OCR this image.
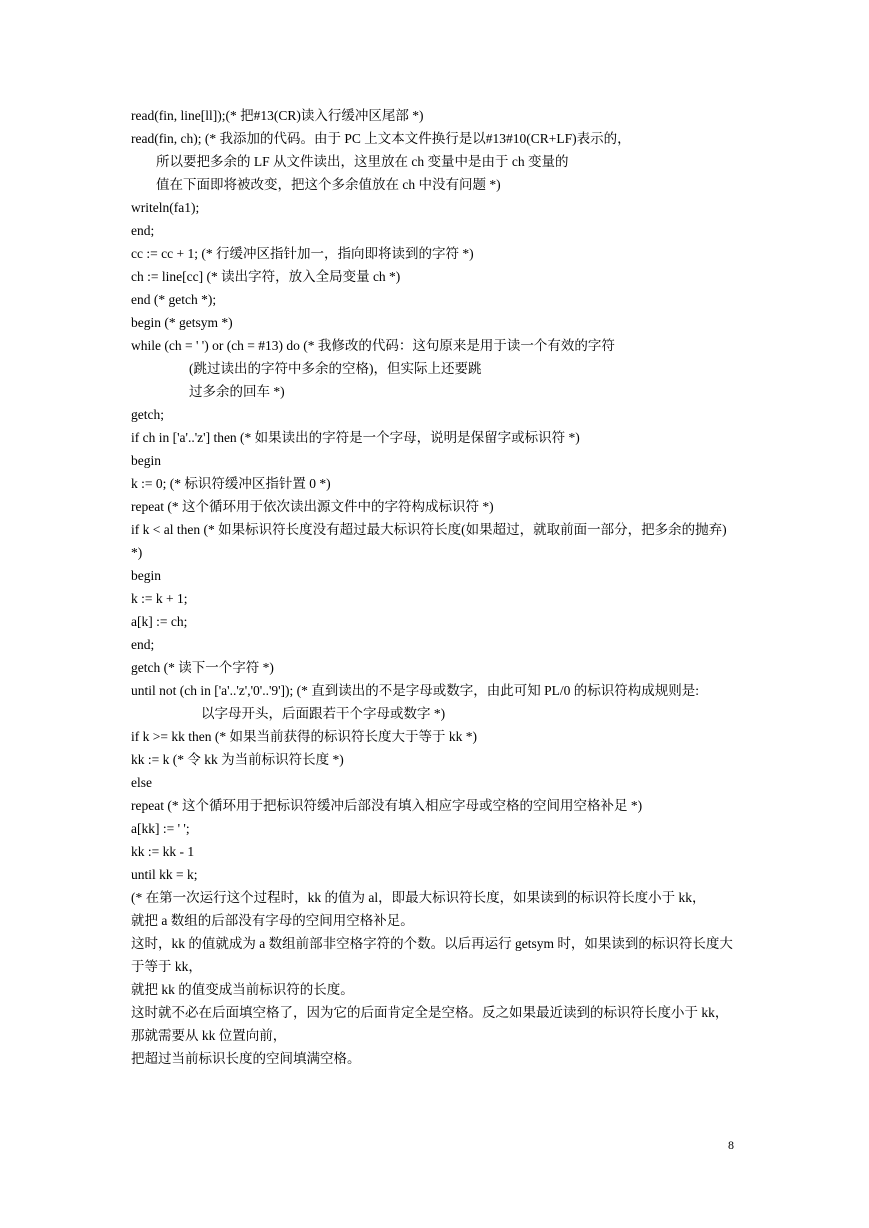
read(fin, line[ll]);(* 把#13(CR)读入行缓冲区尾部 *)
read(fin, ch); (* 我添加的代码。由于 PC 上文本文件换行是以#13#10(CR+LF)表示的，
所以要把多余的 LF 从文件读出，这里放在 ch 变量中是由于 ch 变量的
值在下面即将被改变，把这个多余值放在 ch 中没有问题 *)
writeln(fa1);
end;
cc := cc + 1; (* 行缓冲区指针加一，指向即将读到的字符 *)
ch := line[cc] (* 读出字符，放入全局变量 ch *)
end (* getch *);
begin (* getsym *)
while (ch = ' ') or (ch = #13) do (* 我修改的代码：这句原来是用于读一个有效的字符
(跳过读出的字符中多余的空格)，但实际上还要跳
过多余的回车 *)
getch;
if ch in ['a'..'z'] then (* 如果读出的字符是一个字母，说明是保留字或标识符 *)
begin
k := 0; (* 标识符缓冲区指针置 0 *)
repeat (* 这个循环用于依次读出源文件中的字符构成标识符 *)
if k < al then (* 如果标识符长度没有超过最大标识符长度(如果超过，就取前面一部分，把多余的抛弃) *)
begin
k := k + 1;
a[k] := ch;
end;
getch (* 读下一个字符 *)
until not (ch in ['a'..'z','0'..'9']); (* 直到读出的不是字母或数字，由此可知 PL/0 的标识符构成规则是:
以字母开头，后面跟若干个字母或数字 *)
if k >= kk then (* 如果当前获得的标识符长度大于等于 kk *)
kk := k (* 令 kk 为当前标识符长度 *)
else
repeat (* 这个循环用于把标识符缓冲后部没有填入相应字母或空格的空间用空格补足 *)
a[kk] := ' ';
kk := kk - 1
until kk = k;
(* 在第一次运行这个过程时，kk 的值为 al，即最大标识符长度，如果读到的标识符长度小于 kk，
就把 a 数组的后部没有字母的空间用空格补足。
这时，kk 的值就成为 a 数组前部非空格字符的个数。以后再运行 getsym 时，如果读到的标识符长度大于等于 kk，
就把 kk 的值变成当前标识符的长度。
这时就不必在后面填空格了，因为它的后面肯定全是空格。反之如果最近读到的标识符长度小于 kk，那就需要从 kk 位置向前，
把超过当前标识长度的空间填满空格。
8
